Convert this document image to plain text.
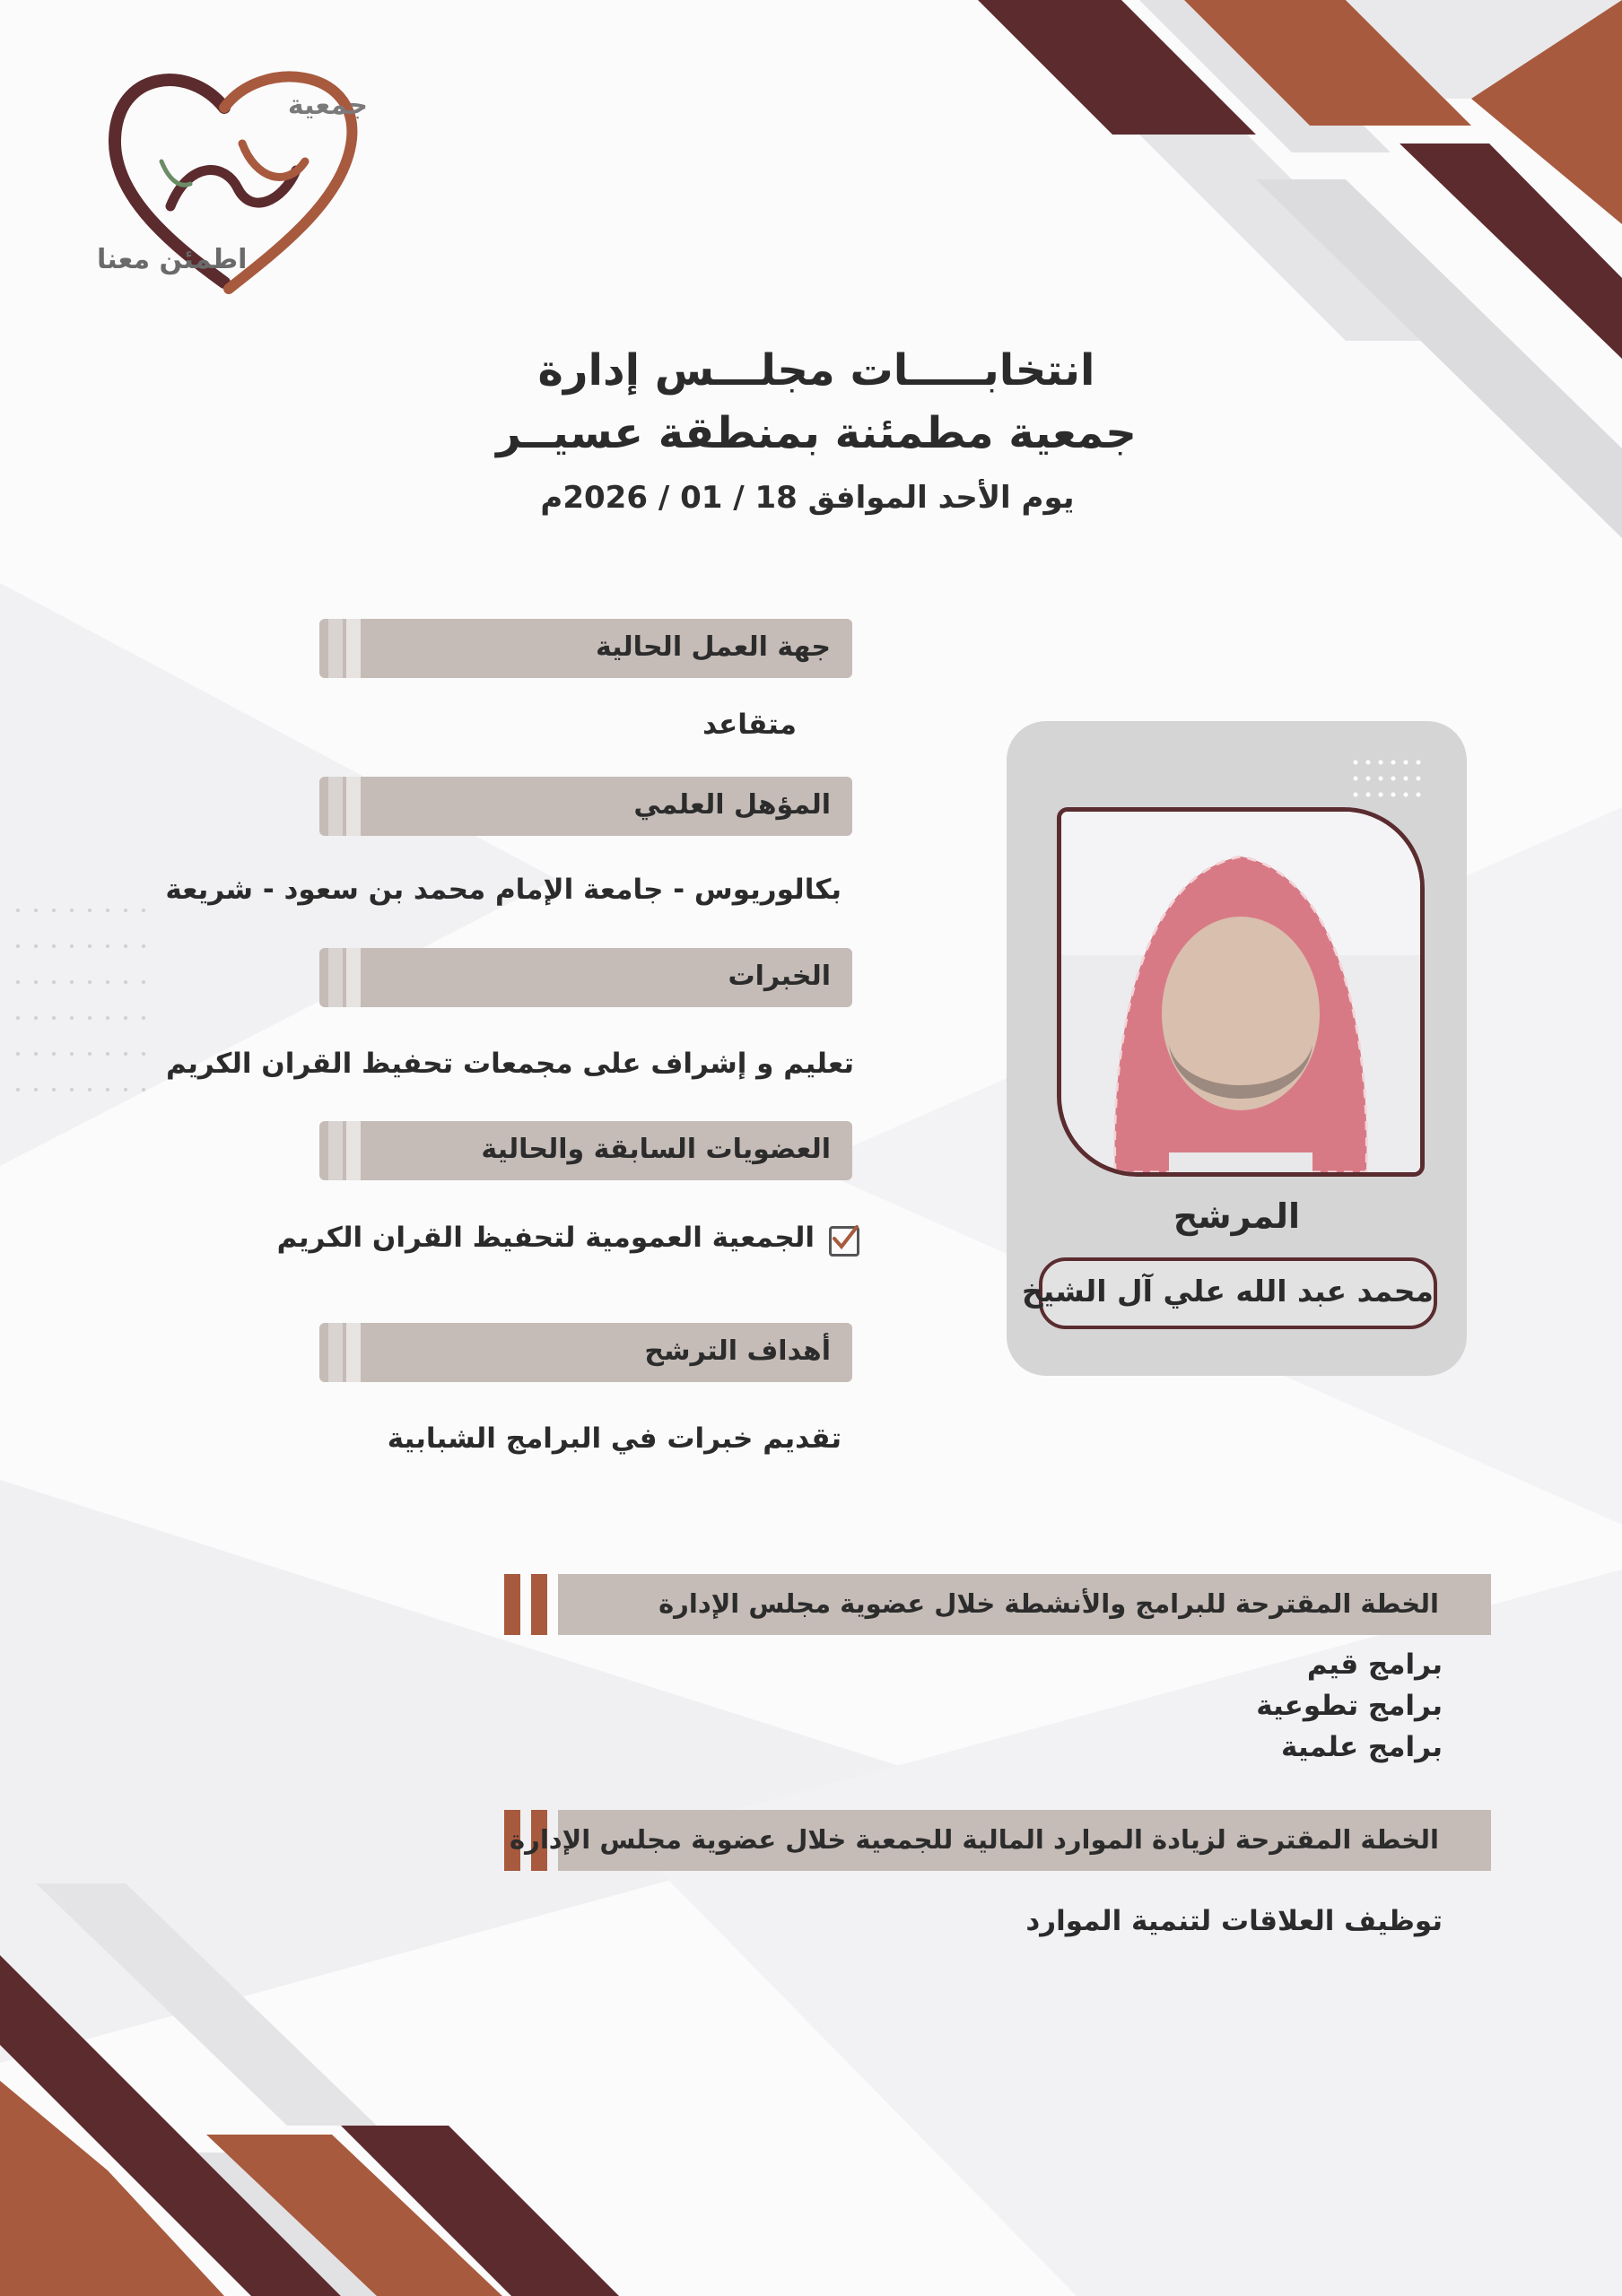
جمعية
اطمئن معنا
انتخابـــــات مجلـــس إدارة
جمعية مطمئنة بمنطقة عسيــر
يوم الأحد الموافق 18 / 01 / 2026م
جهة العمل الحالية
متقاعد
المؤهل العلمي
بكالوريوس - جامعة الإمام محمد بن سعود - شريعة
الخبرات
تعليم و إشراف على مجمعات تحفيظ القران الكريم
العضويات السابقة والحالية
الجمعية العمومية لتحفيظ القران الكريم
أهداف الترشح
تقديم خبرات في البرامج الشبابية
المرشح
محمد عبد الله علي آل الشيخ
الخطة المقترحة للبرامج والأنشطة خلال عضوية مجلس الإدارة
برامج قيم
برامج تطوعية
برامج علمية
الخطة المقترحة لزيادة الموارد المالية للجمعية خلال عضوية مجلس الإدارة
توظيف العلاقات لتنمية الموارد
